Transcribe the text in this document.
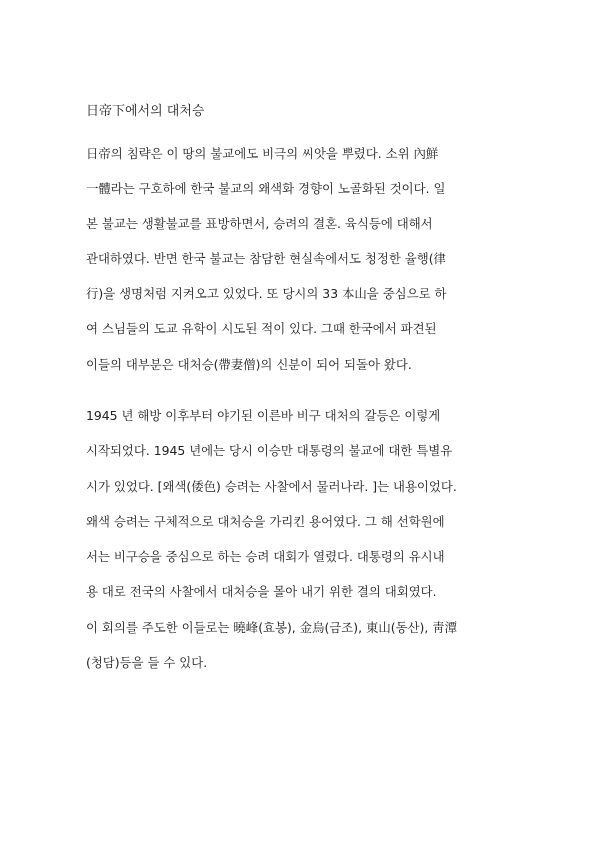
日帝下에서의 대처승
日帝의 침략은 이 땅의 불교에도 비극의 씨앗을 뿌렸다. 소위 內鮮
一體라는 구호하에 한국 불교의 왜색화 경향이 노골화된 것이다. 일
본 불교는 생활불교를 표방하면서, 승려의 결혼. 육식등에 대해서
관대하였다. 반면 한국 불교는 참담한 현실속에서도 청정한 율행(律
行)을 생명처럼 지켜오고 있었다. 또 당시의 33 本山을 중심으로 하
여 스님들의 도교 유학이 시도된 적이 있다. 그때 한국에서 파견된
이들의 대부분은 대처승(帶妻僧)의 신분이 되어 되돌아 왔다.
1945 년 해방 이후부터 야기된 이른바 비구 대처의 갈등은 이렇게
시작되었다. 1945 년에는 당시 이승만 대통령의 불교에 대한 특별유
시가 있었다. [왜색(倭色) 승려는 사찰에서 물러나라. ]는 내용이었다.
왜색 승려는 구체적으로 대처승을 가리킨 용어였다. 그 해 선학원에
서는 비구승을 중심으로 하는 승려 대회가 열렸다. 대통령의 유시내
용 대로 전국의 사찰에서 대처승을 몰아 내기 위한 결의 대회였다.
이 회의를 주도한 이들로는 曉峰(효봉), 金烏(금조), 東山(동산), 靑潭
(청담)등을 들 수 있다.
